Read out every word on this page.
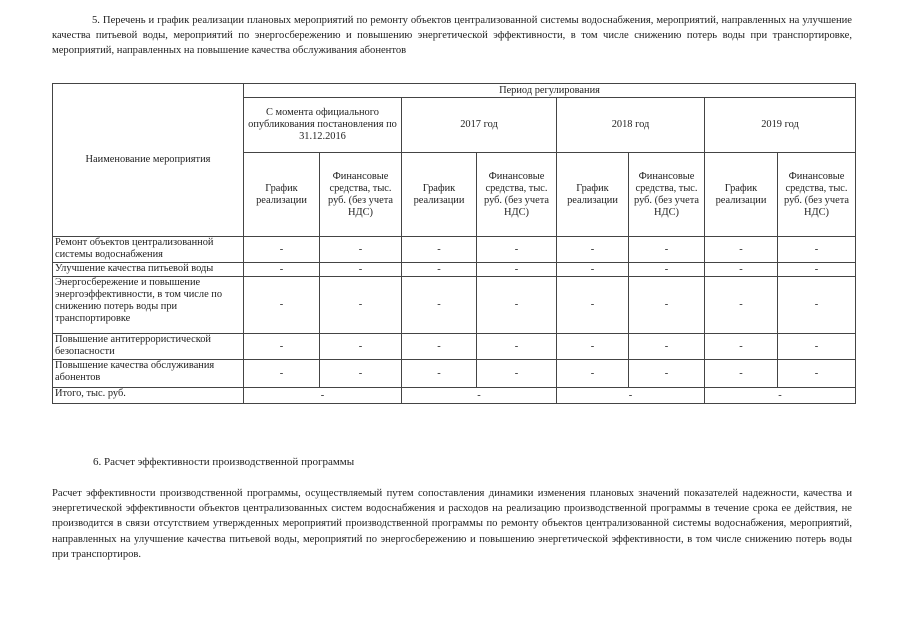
5. Перечень и график реализации плановых мероприятий по ремонту объектов централизованной системы водоснабжения, мероприятий, направленных на улучшение качества питьевой воды, мероприятий по энергосбережению и повышению энергетической эффективности, в том числе снижению потерь воды при транспортировке, мероприятий, направленных на повышение качества обслуживания абонентов
Наименование мероприятия	Период регулирования							
	С момента официального опубликования постановления по 31.12.2016		2017 год		2018 год		2019 год	
	График реализации	Финансовые средства, тыс. руб. (без учета НДС)	График реализации	Финансовые средства, тыс. руб. (без учета НДС)	График реализации	Финансовые средства, тыс. руб. (без учета НДС)	График реализации	Финансовые средства, тыс. руб. (без учета НДС)
Ремонт объектов централизованной системы водоснабжения	-	-	-	-	-	-	-	-
Улучшение качества питьевой воды	-	-	-	-	-	-	-	-
Энергосбережение и повышение энергоэффективности, в том числе по снижению потерь воды при транспортировке	-	-	-	-	-	-	-	-
Повышение антитеррористической безопасности	-	-	-	-	-	-	-	-
Повышение качества обслуживания абонентов	-	-	-	-	-	-	-	-
Итого, тыс. руб.	-		-		-		-	
6. Расчет эффективности производственной программы
Расчет эффективности производственной программы, осуществляемый путем сопоставления динамики изменения плановых значений показателей надежности, качества и энергетической эффективности объектов централизованных систем водоснабжения и расходов на реализацию производственной программы в течение срока ее действия, не производится в связи отсутствием утвержденных мероприятий производственной программы по ремонту объектов централизованной системы водоснабжения, мероприятий, направленных на улучшение качества питьевой воды, мероприятий по энергосбережению и повышению энергетической эффективности, в том числе снижению потерь воды при транспортиров.
